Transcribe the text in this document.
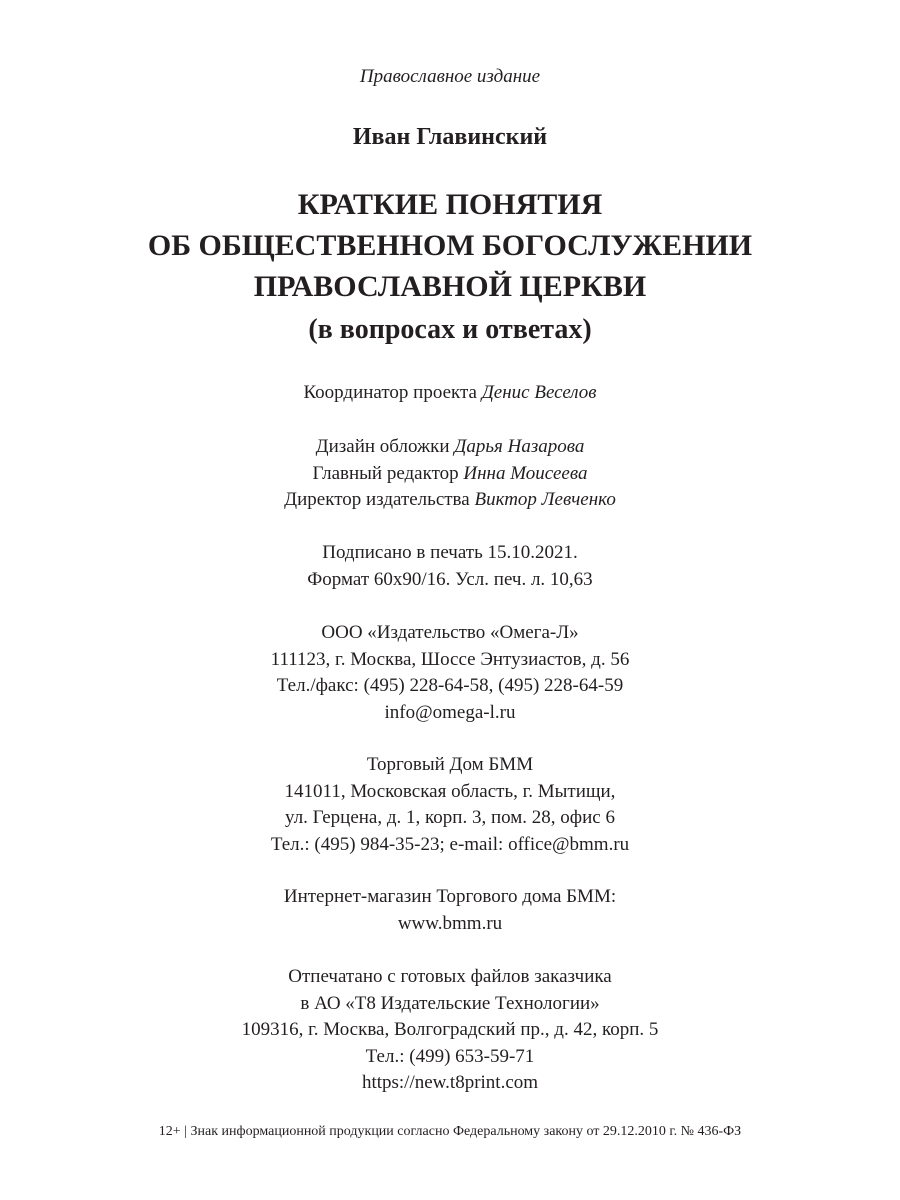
Православное издание
Иван Главинский
КРАТКИЕ ПОНЯТИЯ
ОБ ОБЩЕСТВЕННОМ БОГОСЛУЖЕНИИ
ПРАВОСЛАВНОЙ ЦЕРКВИ
(в вопросах и ответах)
Координатор проекта Денис Веселов
Дизайн обложки Дарья Назарова
Главный редактор Инна Моисеева
Директор издательства Виктор Левченко
Подписано в печать 15.10.2021.
Формат 60x90/16. Усл. печ. л. 10,63
ООО «Издательство «Омега-Л»
111123, г. Москва, Шоссе Энтузиастов, д. 56
Тел./факс: (495) 228-64-58, (495) 228-64-59
info@omega-l.ru
Торговый Дом БММ
141011, Московская область, г. Мытищи,
ул. Герцена, д. 1, корп. 3, пом. 28, офис 6
Тел.: (495) 984-35-23; e-mail: office@bmm.ru
Интернет-магазин Торгового дома БММ:
www.bmm.ru
Отпечатано с готовых файлов заказчика
в АО «Т8 Издательские Технологии»
109316, г. Москва, Волгоградский пр., д. 42, корп. 5
Тел.: (499) 653-59-71
https://new.t8print.com
12+ | Знак информационной продукции согласно Федеральному закону от 29.12.2010 г. № 436-ФЗ
